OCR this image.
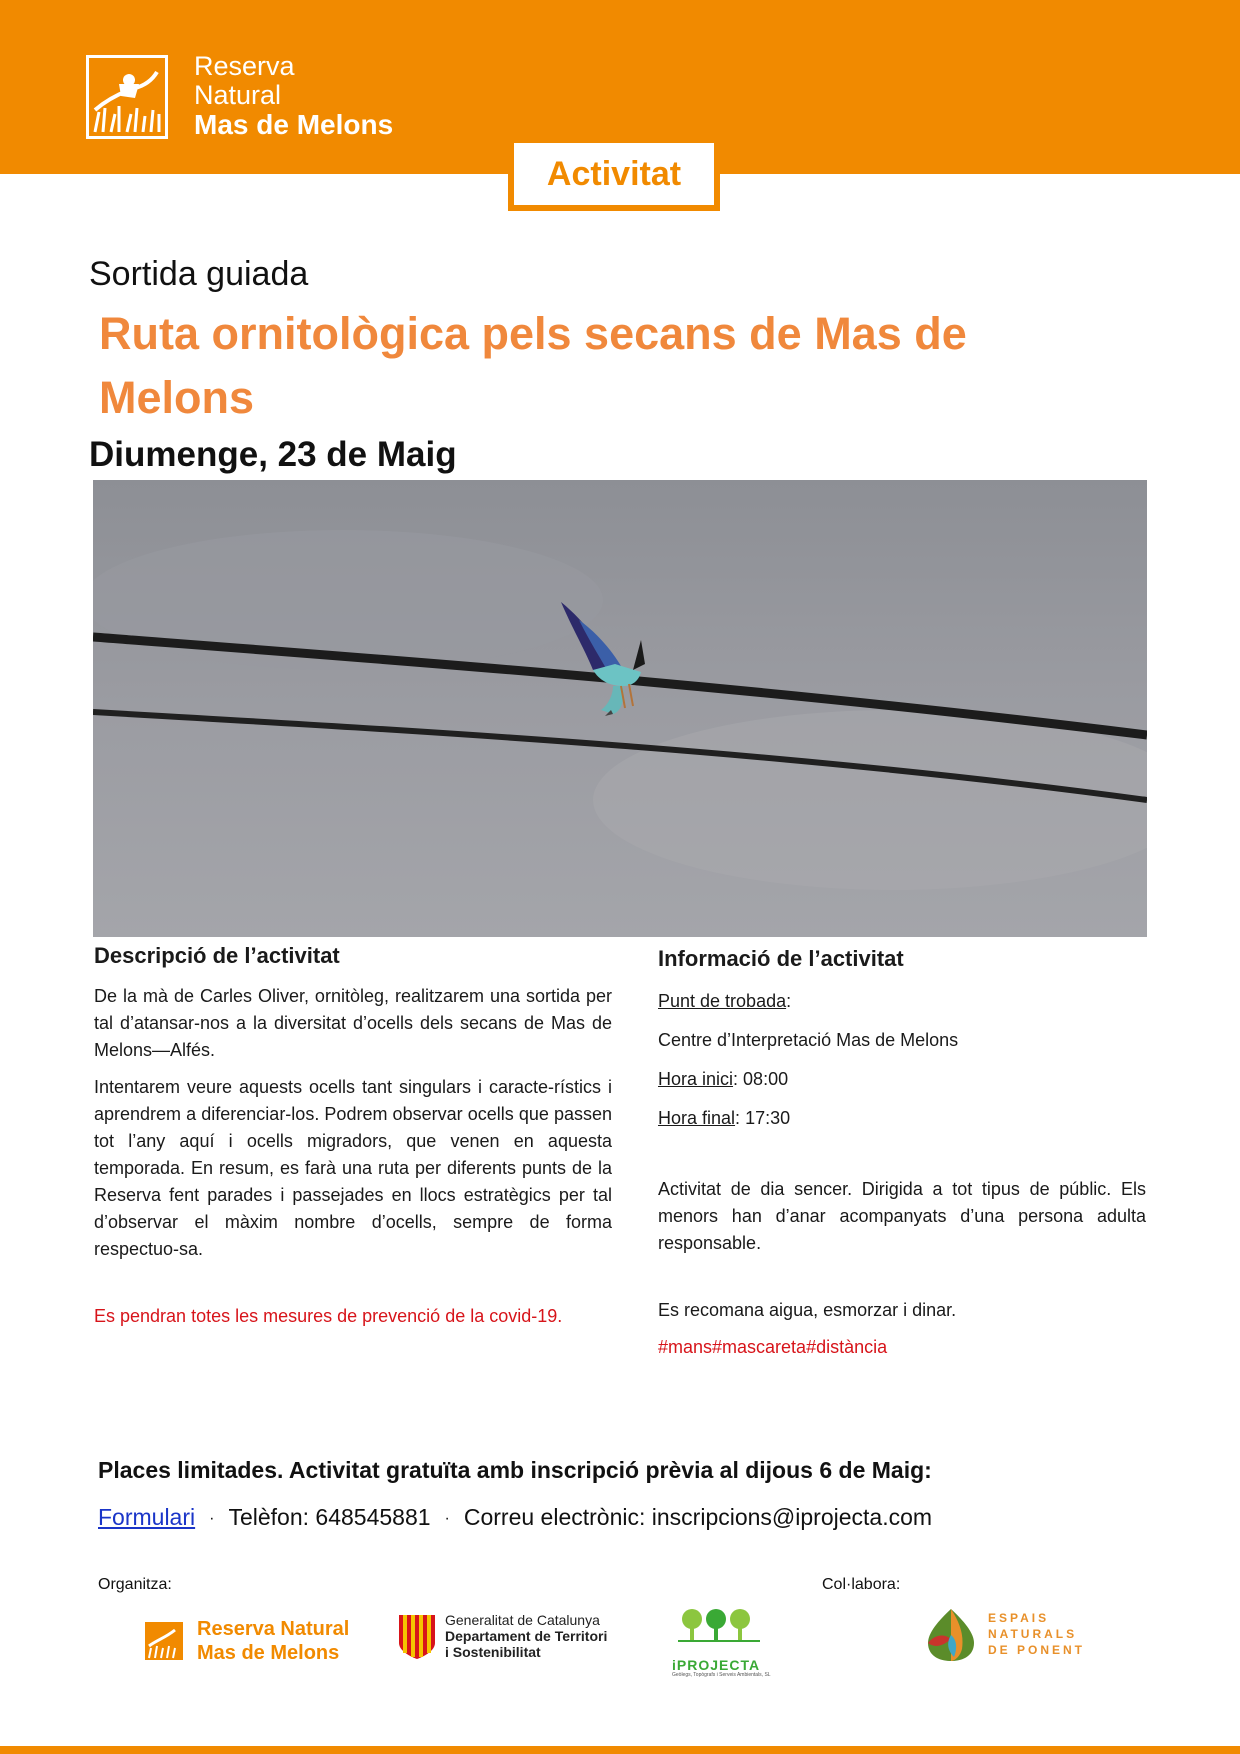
Reserva
Natural
Mas de Melons
Activitat
Sortida guiada
Ruta ornitològica pels secans de Mas de Melons
Diumenge, 23 de Maig
Descripció de l’activitat

De la mà de Carles Oliver, ornitòleg, realitzarem una sortida per tal d’atansar-nos a la diversitat d’ocells dels secans de Mas de Melons—Alfés.

Intentarem veure aquests ocells tant singulars i caracte-rístics i aprendrem a diferenciar-los. Podrem observar ocells que passen tot l’any aquí i ocells migradors, que venen en aquesta temporada. En resum, es farà una ruta per diferents punts de la Reserva fent parades i passejades en llocs estratègics per tal d’observar el màxim nombre d’ocells, sempre de forma respectuo-sa.

Es pendran totes les mesures de prevenció de la covid-19.

Informació de l’activitat
Punt de trobada:
Centre d’Interpretació Mas de Melons
Hora inici: 08:00
Hora final: 17:30

Activitat de dia sencer. Dirigida a tot tipus de públic. Els menors han d’anar acompanyats d’una persona adulta responsable.

Es recomana aigua, esmorzar i dinar.

#mans#mascareta#distància

Places limitades. Activitat gratuïta amb inscripció prèvia al dijous 6 de Maig:
Formulari · Telèfon: 648545881 · Correu electrònic: inscripcions@iprojecta.com
Organitza:	Col·labora:
Reserva Natural
Mas de Melons
Generalitat de Catalunya
Departament de Territori
i Sostenibilitat
iPROJECTA
Geòlegs, Topògrafs i Serveis Ambientals, SL
ESPAIS
NATURALS
DE PONENT
